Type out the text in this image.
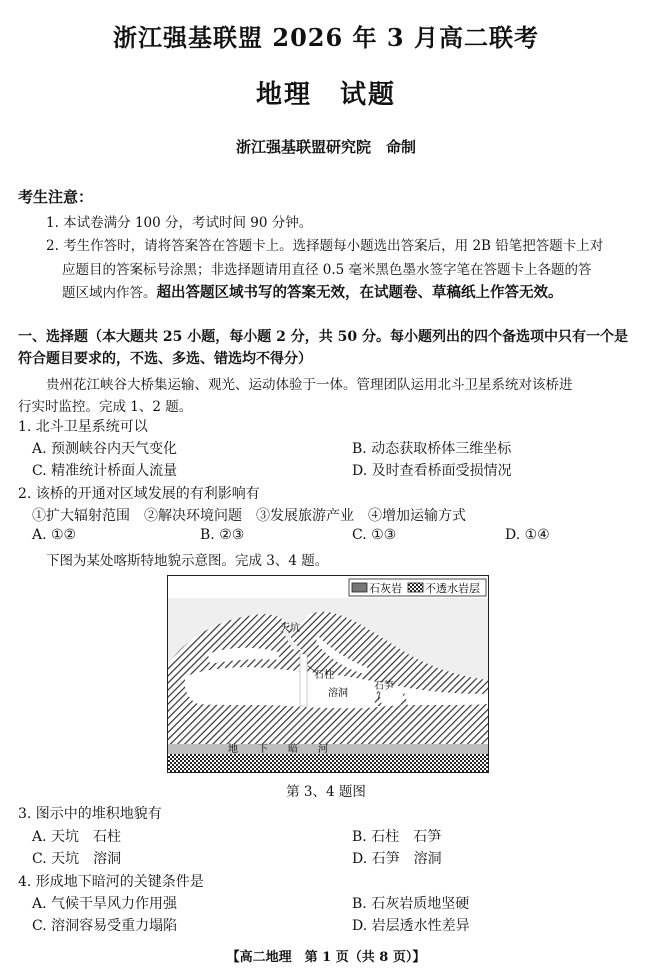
浙江强基联盟 2026 年 3 月高二联考
地理　试题
浙江强基联盟研究院　命制
考生注意：
1. 本试卷满分 100 分，考试时间 90 分钟。
2. 考生作答时，请将答案答在答题卡上。选择题每小题选出答案后，用 2B 铅笔把答题卡上对
应题目的答案标号涂黑；非选择题请用直径 0.5 毫米黑色墨水签字笔在答题卡上各题的答
题区域内作答。超出答题区域书写的答案无效，在试题卷、草稿纸上作答无效。
一、选择题（本大题共 25 小题，每小题 2 分，共 50 分。每小题列出的四个备选项中只有一个是符合题目要求的，不选、多选、错选均不得分）
贵州花江峡谷大桥集运输、观光、运动体验于一体。管理团队运用北斗卫星系统对该桥进
行实时监控。完成 1、2 题。
1. 北斗卫星系统可以
A. 预测峡谷内天气变化	B. 动态获取桥体三维坐标
C. 精准统计桥面人流量	D. 及时查看桥面受损情况
2. 该桥的开通对区域发展的有利影响有
①扩大辐射范围　②解决环境问题　③发展旅游产业　④增加运输方式
A. ①②	B. ②③	C. ①③	D. ①④
下图为某处喀斯特地貌示意图。完成 3、4 题。
石灰岩 不透水岩层
天坑
石柱
石笋
溶洞
地　　下　　暗　　河
第 3、4 题图
3. 图示中的堆积地貌有
A. 天坑　石柱	B. 石柱　石笋
C. 天坑　溶洞	D. 石笋　溶洞
4. 形成地下暗河的关键条件是
A. 气候干旱风力作用强	B. 石灰岩质地坚硬
C. 溶洞容易受重力塌陷	D. 岩层透水性差异
【高二地理　第 1 页（共 8 页）】
